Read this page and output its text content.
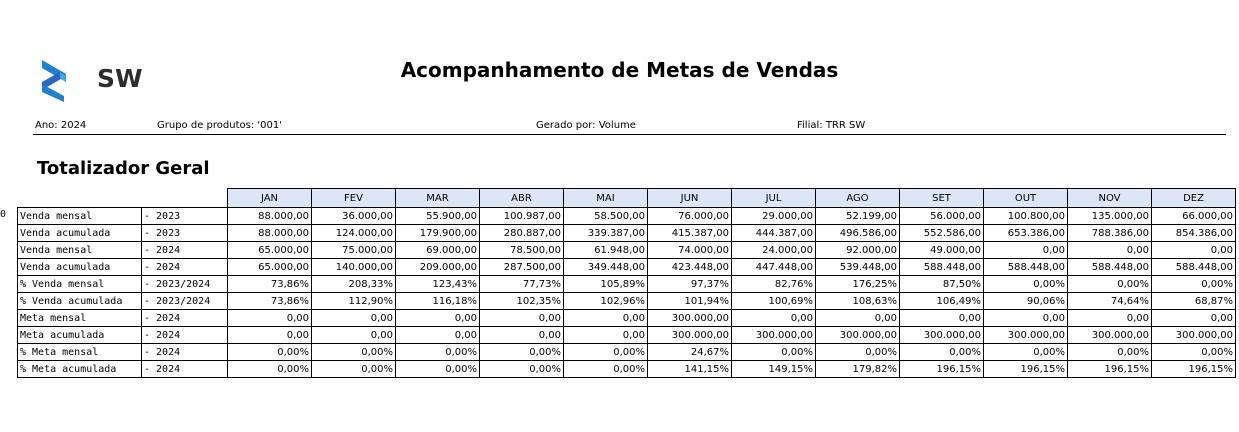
SW	Acompanhamento de Metas de Vendas
Ano: 2024	Grupo de produtos: '001'	Gerado por: Volume	Filial: TRR SW
Totalizador Geral
0
		JAN	FEV	MAR	ABR	MAI	JUN	JUL	AGO	SET	OUT	NOV	DEZ
Venda mensal	- 2023	88.000,00	36.000,00	55.900,00	100.987,00	58.500,00	76.000,00	29.000,00	52.199,00	56.000,00	100.800,00	135.000,00	66.000,00
Venda acumulada	- 2023	88.000,00	124.000,00	179.900,00	280.887,00	339.387,00	415.387,00	444.387,00	496.586,00	552.586,00	653.386,00	788.386,00	854.386,00
Venda mensal	- 2024	65.000,00	75.000,00	69.000,00	78.500,00	61.948,00	74.000,00	24.000,00	92.000,00	49.000,00	0,00	0,00	0,00
Venda acumulada	- 2024	65.000,00	140.000,00	209.000,00	287.500,00	349.448,00	423.448,00	447.448,00	539.448,00	588.448,00	588.448,00	588.448,00	588.448,00
% Venda mensal	- 2023/2024	73,86%	208,33%	123,43%	77,73%	105,89%	97,37%	82,76%	176,25%	87,50%	0,00%	0,00%	0,00%
% Venda acumulada	- 2023/2024	73,86%	112,90%	116,18%	102,35%	102,96%	101,94%	100,69%	108,63%	106,49%	90,06%	74,64%	68,87%
Meta mensal	- 2024	0,00	0,00	0,00	0,00	0,00	300.000,00	0,00	0,00	0,00	0,00	0,00	0,00
Meta acumulada	- 2024	0,00	0,00	0,00	0,00	0,00	300.000,00	300.000,00	300.000,00	300.000,00	300.000,00	300.000,00	300.000,00
% Meta mensal	- 2024	0,00%	0,00%	0,00%	0,00%	0,00%	24,67%	0,00%	0,00%	0,00%	0,00%	0,00%	0,00%
% Meta acumulada	- 2024	0,00%	0,00%	0,00%	0,00%	0,00%	141,15%	149,15%	179,82%	196,15%	196,15%	196,15%	196,15%
